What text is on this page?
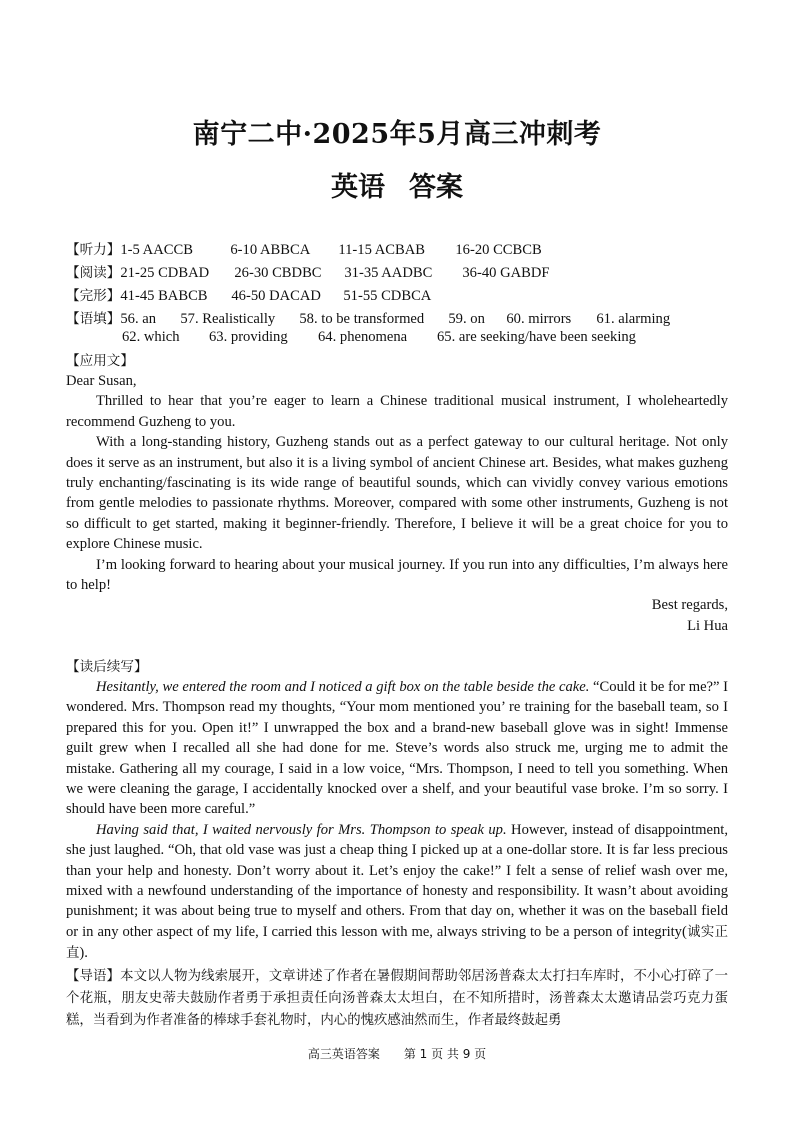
南宁二中·2025年5月高三冲刺考
英语 答案
【听力】1-5 AACCB	6-10 ABBCA 11-15 ACBAB 16-20 CCBCB
【阅读】21-25 CDBAD 26-30 CBDBC 31-35 AADBC 36-40 GABDF
【完形】41-45 BABCB 46-50 DACAD 51-55 CDBCA
【语填】56. an 57. Realistically 58. to be transformed 59. on 60. mirrors 61. alarming
62. which 63. providing 64. phenomena 65. are seeking/have been seeking
【应用文】

Dear Susan,

Thrilled to hear that you’re eager to learn a Chinese traditional musical instrument, I wholeheartedly recommend Guzheng to you.

With a long-standing history, Guzheng stands out as a perfect gateway to our cultural heritage. Not only does it serve as an instrument, but also it is a living symbol of ancient Chinese art. Besides, what makes guzheng truly enchanting/fascinating is its wide range of beautiful sounds, which can vividly convey various emotions from gentle melodies to passionate rhythms. Moreover, compared with some other instruments, Guzheng is not so difficult to get started, making it beginner-friendly. Therefore, I believe it will be a great choice for you to explore Chinese music.

I’m looking forward to hearing about your musical journey. If you run into any difficulties, I’m always here to help!

Best regards,

Li Hua

【读后续写】

Hesitantly, we entered the room and I noticed a gift box on the table beside the cake. “Could it be for me?” I wondered. Mrs. Thompson read my thoughts, “Your mom mentioned you’ re training for the baseball team, so I prepared this for you. Open it!” I unwrapped the box and a brand-new baseball glove was in sight! Immense guilt grew when I recalled all she had done for me. Steve’s words also struck me, urging me to admit the mistake. Gathering all my courage, I said in a low voice, “Mrs. Thompson, I need to tell you something. When we were cleaning the garage, I accidentally knocked over a shelf, and your beautiful vase broke. I’m so sorry. I should have been more careful.”

Having said that, I waited nervously for Mrs. Thompson to speak up. However, instead of disappointment, she just laughed. “Oh, that old vase was just a cheap thing I picked up at a one-dollar store. It is far less precious than your help and honesty. Don’t worry about it. Let’s enjoy the cake!” I felt a sense of relief wash over me, mixed with a newfound understanding of the importance of honesty and responsibility. It wasn’t about avoiding punishment; it was about being true to myself and others. From that day on, whether it was on the baseball field or in any other aspect of my life, I carried this lesson with me, always striving to be a person of integrity(诚实正直).

【导语】本文以人物为线索展开，文章讲述了作者在暑假期间帮助邻居汤普森太太打扫车库时，不小心打碎了一个花瓶，朋友史蒂夫鼓励作者勇于承担责任向汤普森太太坦白，在不知所措时，汤普森太太邀请品尝巧克力蛋糕，当看到为作者准备的棒球手套礼物时，内心的愧疚感油然而生，作者最终鼓起勇
高三英语答案　　第 1 页 共 9 页
